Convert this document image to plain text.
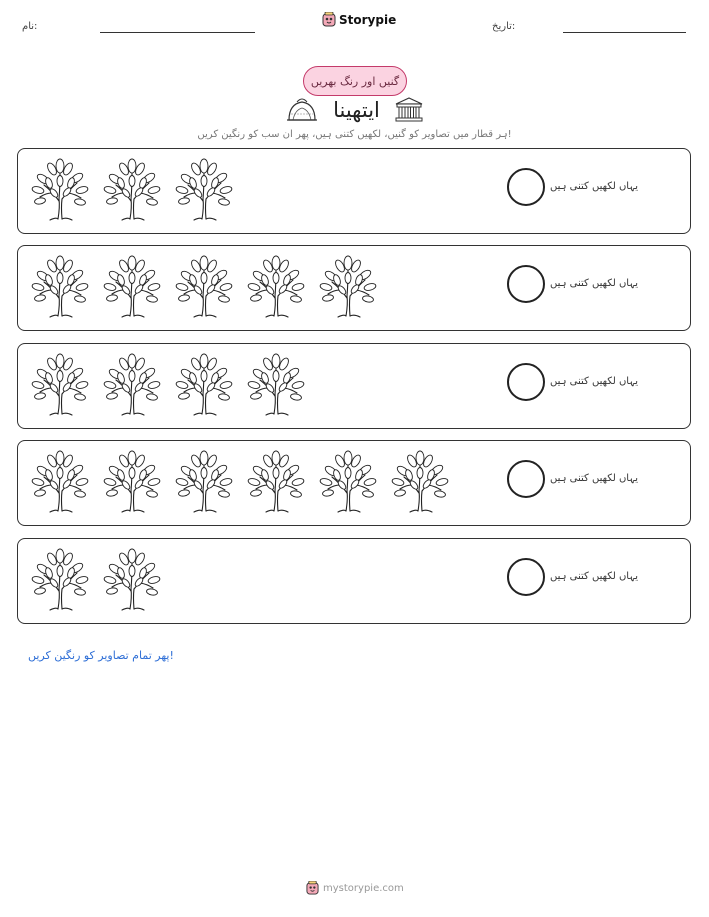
نام:	Storypie	تاریخ:
گنیں اور رنگ بھریں
ایتھینا
ہر قطار میں تصاویر کو گنیں، لکھیں کتنی ہیں، پھر ان سب کو رنگین کریں!
یہاں لکھیں کتنی ہیں
یہاں لکھیں کتنی ہیں
یہاں لکھیں کتنی ہیں
یہاں لکھیں کتنی ہیں
یہاں لکھیں کتنی ہیں
پھر تمام تصاویر کو رنگین کریں!
mystorypie.com
